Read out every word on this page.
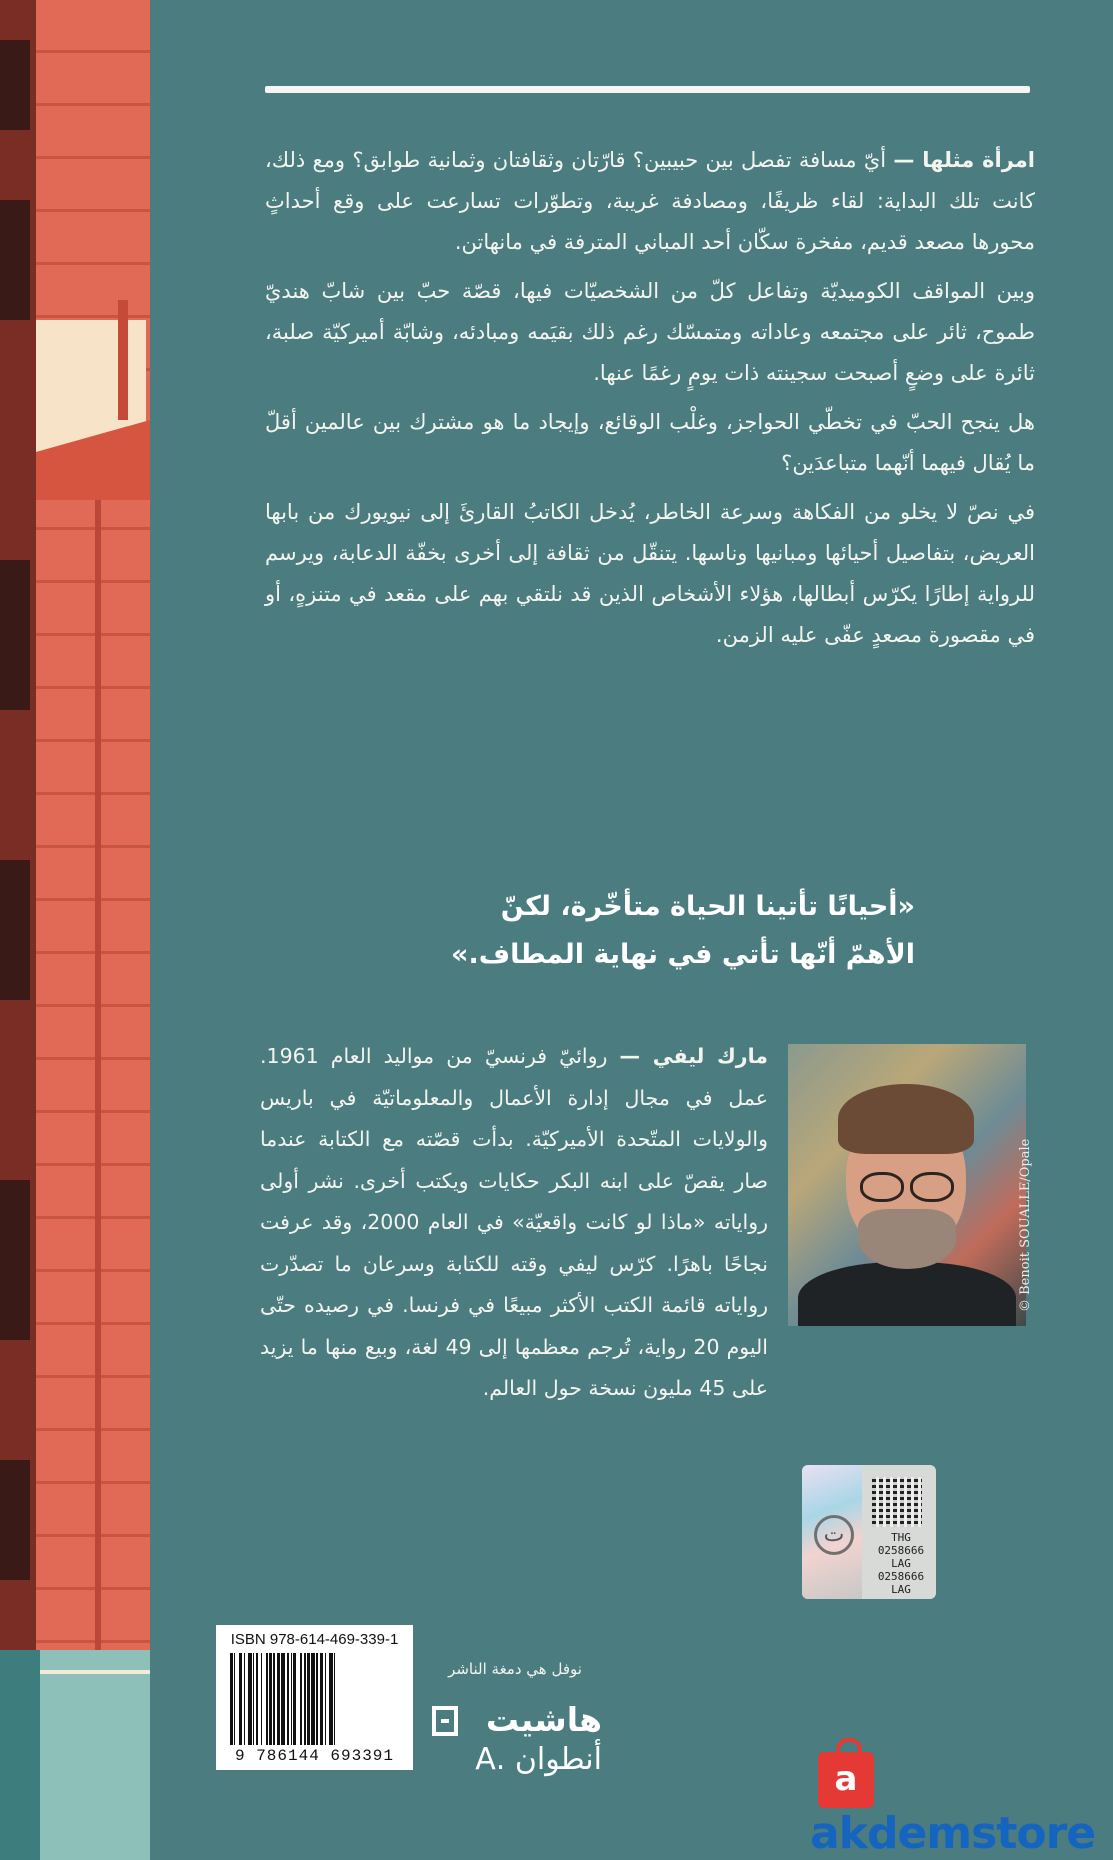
امرأة مثلها — أيّ مسافة تفصل بين حبيبين؟ قارّتان وثقافتان وثمانية طوابق؟ ومع ذلك، كانت تلك البداية: لقاء ظريفًا، ومصادفة غريبة، وتطوّرات تسارعت على وقع أحداثٍ محورها مصعد قديم، مفخرة سكّان أحد المباني المترفة في مانهاتن.

وبين المواقف الكوميديّة وتفاعل كلّ من الشخصيّات فيها، قصّة حبّ بين شابّ هنديّ طموح، ثائر على مجتمعه وعاداته ومتمسّك رغم ذلك بقيَمه ومبادئه، وشابّة أميركيّة صلبة، ثائرة على وضعٍ أصبحت سجينته ذات يومٍ رغمًا عنها.

هل ينجح الحبّ في تخطّي الحواجز، وغلْب الوقائع، وإيجاد ما هو مشترك بين عالمين أقلّ ما يُقال فيهما أنّهما متباعدَين؟

في نصّ لا يخلو من الفكاهة وسرعة الخاطر، يُدخل الكاتبُ القارئَ إلى نيويورك من بابها العريض، بتفاصيل أحيائها ومبانيها وناسها. يتنقّل من ثقافة إلى أخرى بخفّة الدعابة، ويرسم للرواية إطارًا يكرّس أبطالها، هؤلاء الأشخاص الذين قد نلتقي بهم على مقعد في متنزهٍ، أو في مقصورة مصعدٍ عفّى عليه الزمن.

«أحيانًا تأتينا الحياة متأخّرة، لكنّ
الأهمّ أنّها تأتي في نهاية المطاف.»
مارك ليفي — روائيّ فرنسيّ من مواليد العام 1961. عمل في مجال إدارة الأعمال والمعلوماتيّة في باريس والولايات المتّحدة الأميركيّة. بدأت قصّته مع الكتابة عندما صار يقصّ على ابنه البكر حكايات ويكتب أخرى. نشر أولى رواياته «ماذا لو كانت واقعيّة» في العام 2000، وقد عرفت نجاحًا باهرًا. كرّس ليفي وقته للكتابة وسرعان ما تصدّرت رواياته قائمة الكتب الأكثر مبيعًا في فرنسا. في رصيده حتّى اليوم 20 رواية، تُرجم معظمها إلى 49 لغة، وبيع منها ما يزيد على 45 مليون نسخة حول العالم.
© Benoit SOUALLE/Opale
ت	THG
0258666
LAG
0258666 LAG
ISBN 978-614-469-339-1
9 786144 693391
نوفل هي دمغة الناشر
هاشيت
أنطوان .A	a
akdemstore
